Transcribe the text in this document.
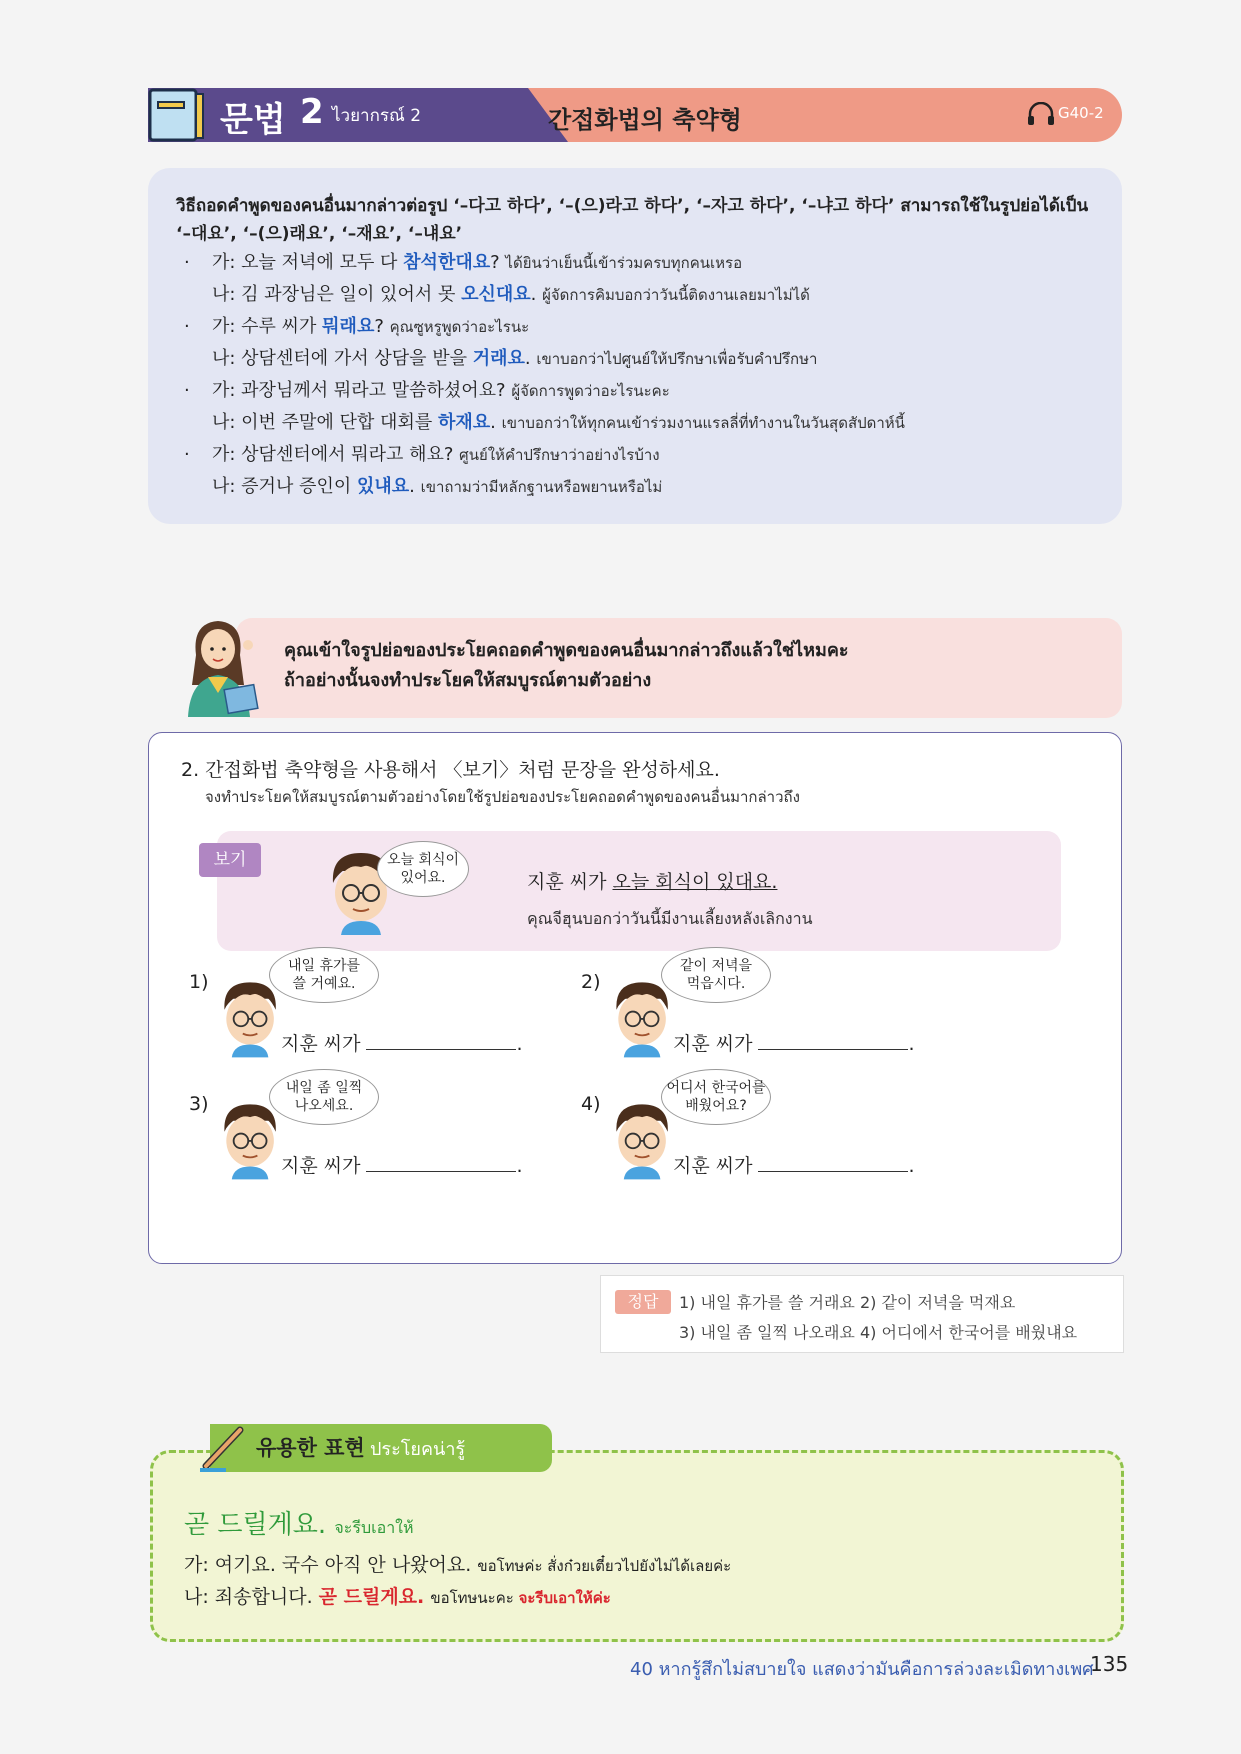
문법 2 ไวยากรณ์ 2	간접화법의 축약형	G40-2
วิธีถอดคำพูดของคนอื่นมากล่าวต่อรูป ‘–다고 하다’, ‘–(으)라고 하다’, ‘–자고 하다’, ‘–냐고 하다’ สามารถใช้ในรูปย่อได้เป็น ‘–대요’, ‘–(으)래요’, ‘–재요’, ‘–냬요’
·가: 오늘 저녁에 모두 다 참석한대요? ได้ยินว่าเย็นนี้เข้าร่วมครบทุกคนเหรอ
나: 김 과장님은 일이 있어서 못 오신대요. ผู้จัดการคิมบอกว่าวันนี้ติดงานเลยมาไม่ได้
·가: 수루 씨가 뭐래요? คุณซูหรูพูดว่าอะไรนะ
나: 상담센터에 가서 상담을 받을 거래요. เขาบอกว่าไปศูนย์ให้ปรึกษาเพื่อรับคำปรึกษา
·가: 과장님께서 뭐라고 말씀하셨어요? ผู้จัดการพูดว่าอะไรนะคะ
나: 이번 주말에 단합 대회를 하재요. เขาบอกว่าให้ทุกคนเข้าร่วมงานแรลลี่ที่ทำงานในวันสุดสัปดาห์นี้
·가: 상담센터에서 뭐라고 해요? ศูนย์ให้คำปรึกษาว่าอย่างไรบ้าง
나: 증거나 증인이 있냬요. เขาถามว่ามีหลักฐานหรือพยานหรือไม่
คุณเข้าใจรูปย่อของประโยคถอดคำพูดของคนอื่นมากล่าวถึงแล้วใช่ไหมคะ
ถ้าอย่างนั้นจงทำประโยคให้สมบูรณ์ตามตัวอย่าง
2. 간접화법 축약형을 사용해서 〈보기〉처럼 문장을 완성하세요.
จงทำประโยคให้สมบูรณ์ตามตัวอย่างโดยใช้รูปย่อของประโยคถอดคำพูดของคนอื่นมากล่าวถึง
보기	오늘 회식이
있어요.	지훈 씨가 오늘 회식이 있대요.
คุณจีฮุนบอกว่าวันนี้มีงานเลี้ยงหลังเลิกงาน
1)
내일 휴가를
쓸 거예요.
지훈 씨가	.
2)
같이 저녁을
먹읍시다.
지훈 씨가	.
3)
내일 좀 일찍
나오세요.
지훈 씨가	.
4)
어디서 한국어를
배웠어요?
지훈 씨가	.
정답	1) 내일 휴가를 쓸 거래요 2) 같이 저녁을 먹재요
3) 내일 좀 일찍 나오래요 4) 어디에서 한국어를 배웠냬요
유용한 표현 ประโยคน่ารู้
곧 드릴게요. จะรีบเอาให้
가: 여기요. 국수 아직 안 나왔어요. ขอโทษค่ะ สั่งก๋วยเตี๋ยวไปยังไม่ได้เลยค่ะ
나: 죄송합니다. 곧 드릴게요. ขอโทษนะคะ จะรีบเอาให้ค่ะ
40 หากรู้สึกไม่สบายใจ แสดงว่ามันคือการล่วงละเมิดทางเพศ
135
